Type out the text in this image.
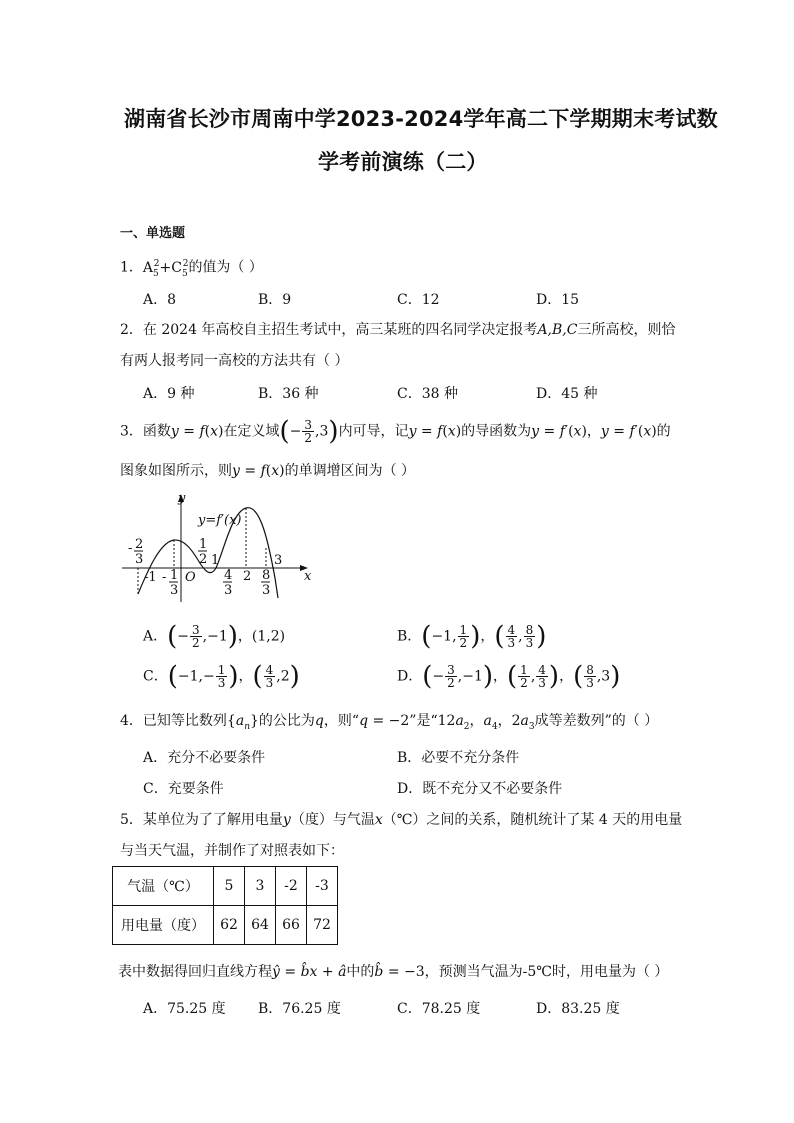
湖南省长沙市周南中学2023-2024学年高二下学期期末考试数
学考前演练（二）
一、单选题
1．$A_5^2+C_5^2$的值为（ ）
A．8	B．9	C．12	D．15
2．在 2024 年高校自主招生考试中，高三某班的四名同学决定报考A,B,C三所高校，则恰
有两人报考同一高校的方法共有（ ）
A．9 种	B．36 种	C．38 种	D．45 种
3．函数y = f(x)在定义域(− $\frac{3}{2} ,3$)内可导，记y = f(x)的导函数为y = f′(x)，y = f′(x)的
图象如图所示，则y = f(x)的单调增区间为（ ）
y
x
y=f′(x)
- 2
3
-1 - 1
3
O
1
2 1
4
3
2 8
3
3
A．(− $\frac{3}{2} ,-1$)，(1,2)	B．(−1, $\frac{1}{2}$ )，( $\frac{4}{3}$ , $\frac{8}{3}$ )
C．($-1,- \frac{1}{3}$ )，( $\frac{4}{3} ,2$)	D．(− $\frac{3}{2} ,-1$)，( $\frac{1}{2}$ , $\frac{4}{3}$ )，( $\frac{8}{3} ,3$)
4．已知等比数列$\{a_n\}$的公比为q，则“q = −2”是“$12a_2$，$a_4$，$2a_3$成等差数列”的（ ）
A．充分不必要条件	B．必要不充分条件
C．充要条件	D．既不充分又不必要条件
5．某单位为了了解用电量y（度）与气温x（℃）之间的关系，随机统计了某 4 天的用电量
与当天气温，并制作了对照表如下：
气温（℃）	5	3	-2	-3
用电量（度）	62	64	66	72
表中数据得回归直线方程ŷ = b̂x + â中的b̂ = −3，预测当气温为-5℃时，用电量为（ ）
A．75.25 度 B．76.25 度	C．78.25 度	D．83.25 度
